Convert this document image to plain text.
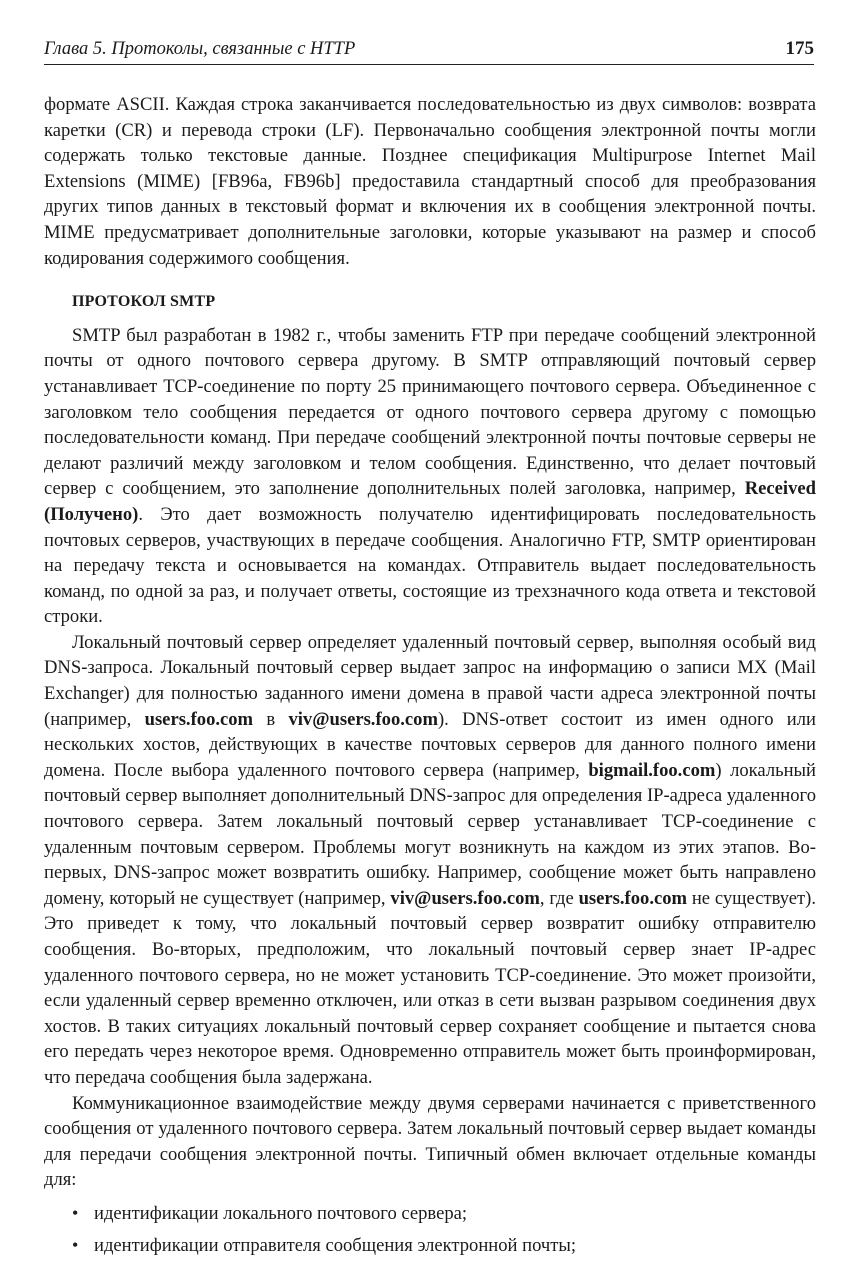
Глава 5. Протоколы, связанные с HTTP	175

формате ASCII. Каждая строка заканчивается последовательностью из двух символов: возврата каретки (CR) и перевода строки (LF). Первоначально сообщения электронной почты могли содержать только текстовые данные. Позднее спецификация Multipurpose Internet Mail Extensions (MIME) [FB96a, FB96b] предоставила стандартный способ для преобразования других типов данных в текстовый формат и включения их в сообщения электронной почты. MIME предусматривает дополнительные заголовки, которые указывают на размер и способ кодирования содержимого сообщения.

ПРОТОКОЛ SMTP

SMTP был разработан в 1982 г., чтобы заменить FTP при передаче сообщений электронной почты от одного почтового сервера другому. В SMTP отправляющий почтовый сервер устанавливает TCP-соединение по порту 25 принимающего почтового сервера. Объединенное с заголовком тело сообщения передается от одного почтового сервера другому с помощью последовательности команд. При передаче сообщений электронной почты почтовые серверы не делают различий между заголовком и телом сообщения. Единственно, что делает почтовый сервер с сообщением, это заполнение дополнительных полей заголовка, например, Received (Получено). Это дает возможность получателю идентифицировать последовательность почтовых серверов, участвующих в передаче сообщения. Аналогично FTP, SMTP ориентирован на передачу текста и основывается на командах. Отправитель выдает последовательность команд, по одной за раз, и получает ответы, состоящие из трехзначного кода ответа и текстовой строки.

Локальный почтовый сервер определяет удаленный почтовый сервер, выполняя особый вид DNS-запроса. Локальный почтовый сервер выдает запрос на информацию о записи MX (Mail Exchanger) для полностью заданного имени домена в правой части адреса электронной почты (например, users.foo.com в viv@users.foo.com). DNS-ответ состоит из имен одного или нескольких хостов, действующих в качестве почтовых серверов для данного полного имени домена. После выбора удаленного почтового сервера (например, bigmail.foo.com) локальный почтовый сервер выполняет дополнительный DNS-запрос для определения IP-адреса удаленного почтового сервера. Затем локальный почтовый сервер устанавливает TCP-соединение с удаленным почтовым сервером. Проблемы могут возникнуть на каждом из этих этапов. Во-первых, DNS-запрос может возвратить ошибку. Например, сообщение может быть направлено домену, который не существует (например, viv@users.foo.com, где users.foo.com не существует). Это приведет к тому, что локальный почтовый сервер возвратит ошибку отправителю сообщения. Во-вторых, предположим, что локальный почтовый сервер знает IP-адрес удаленного почтового сервера, но не может установить TCP-соединение. Это может произойти, если удаленный сервер временно отключен, или отказ в сети вызван разрывом соединения двух хостов. В таких ситуациях локальный почтовый сервер сохраняет сообщение и пытается снова его передать через некоторое время. Одновременно отправитель может быть проинформирован, что передача сообщения была задержана.

Коммуникационное взаимодействие между двумя серверами начинается с приветственного сообщения от удаленного почтового сервера. Затем локальный почтовый сервер выдает команды для передачи сообщения электронной почты. Типичный обмен включает отдельные команды для:

• идентификации локального почтового сервера;
• идентификации отправителя сообщения электронной почты;
